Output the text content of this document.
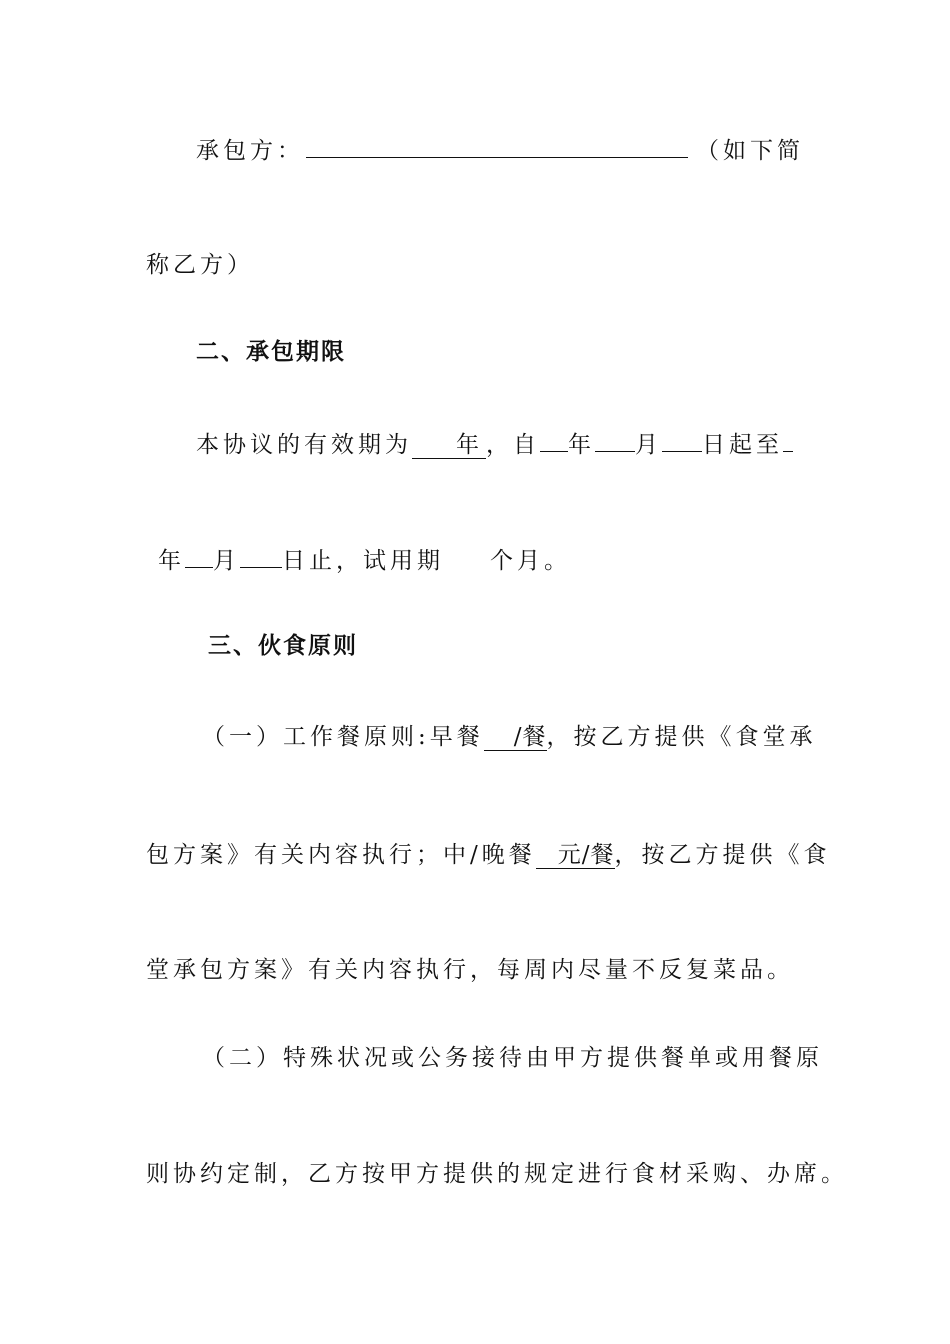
承包方：	（如下简
称乙方）
二、承包期限
本协议的有效期为 年 ，自 年 月 日起至
年 月 日止，试用期 个月。
三、伙食原则
（一）工作餐原则:早餐 /餐，按乙方提供《食堂承
包方案》有关内容执行；中/晚餐 元/餐，按乙方提供《食
堂承包方案》有关内容执行，每周内尽量不反复菜品。
（二）特殊状况或公务接待由甲方提供餐单或用餐原
则协约定制，乙方按甲方提供的规定进行食材采购、办席。
